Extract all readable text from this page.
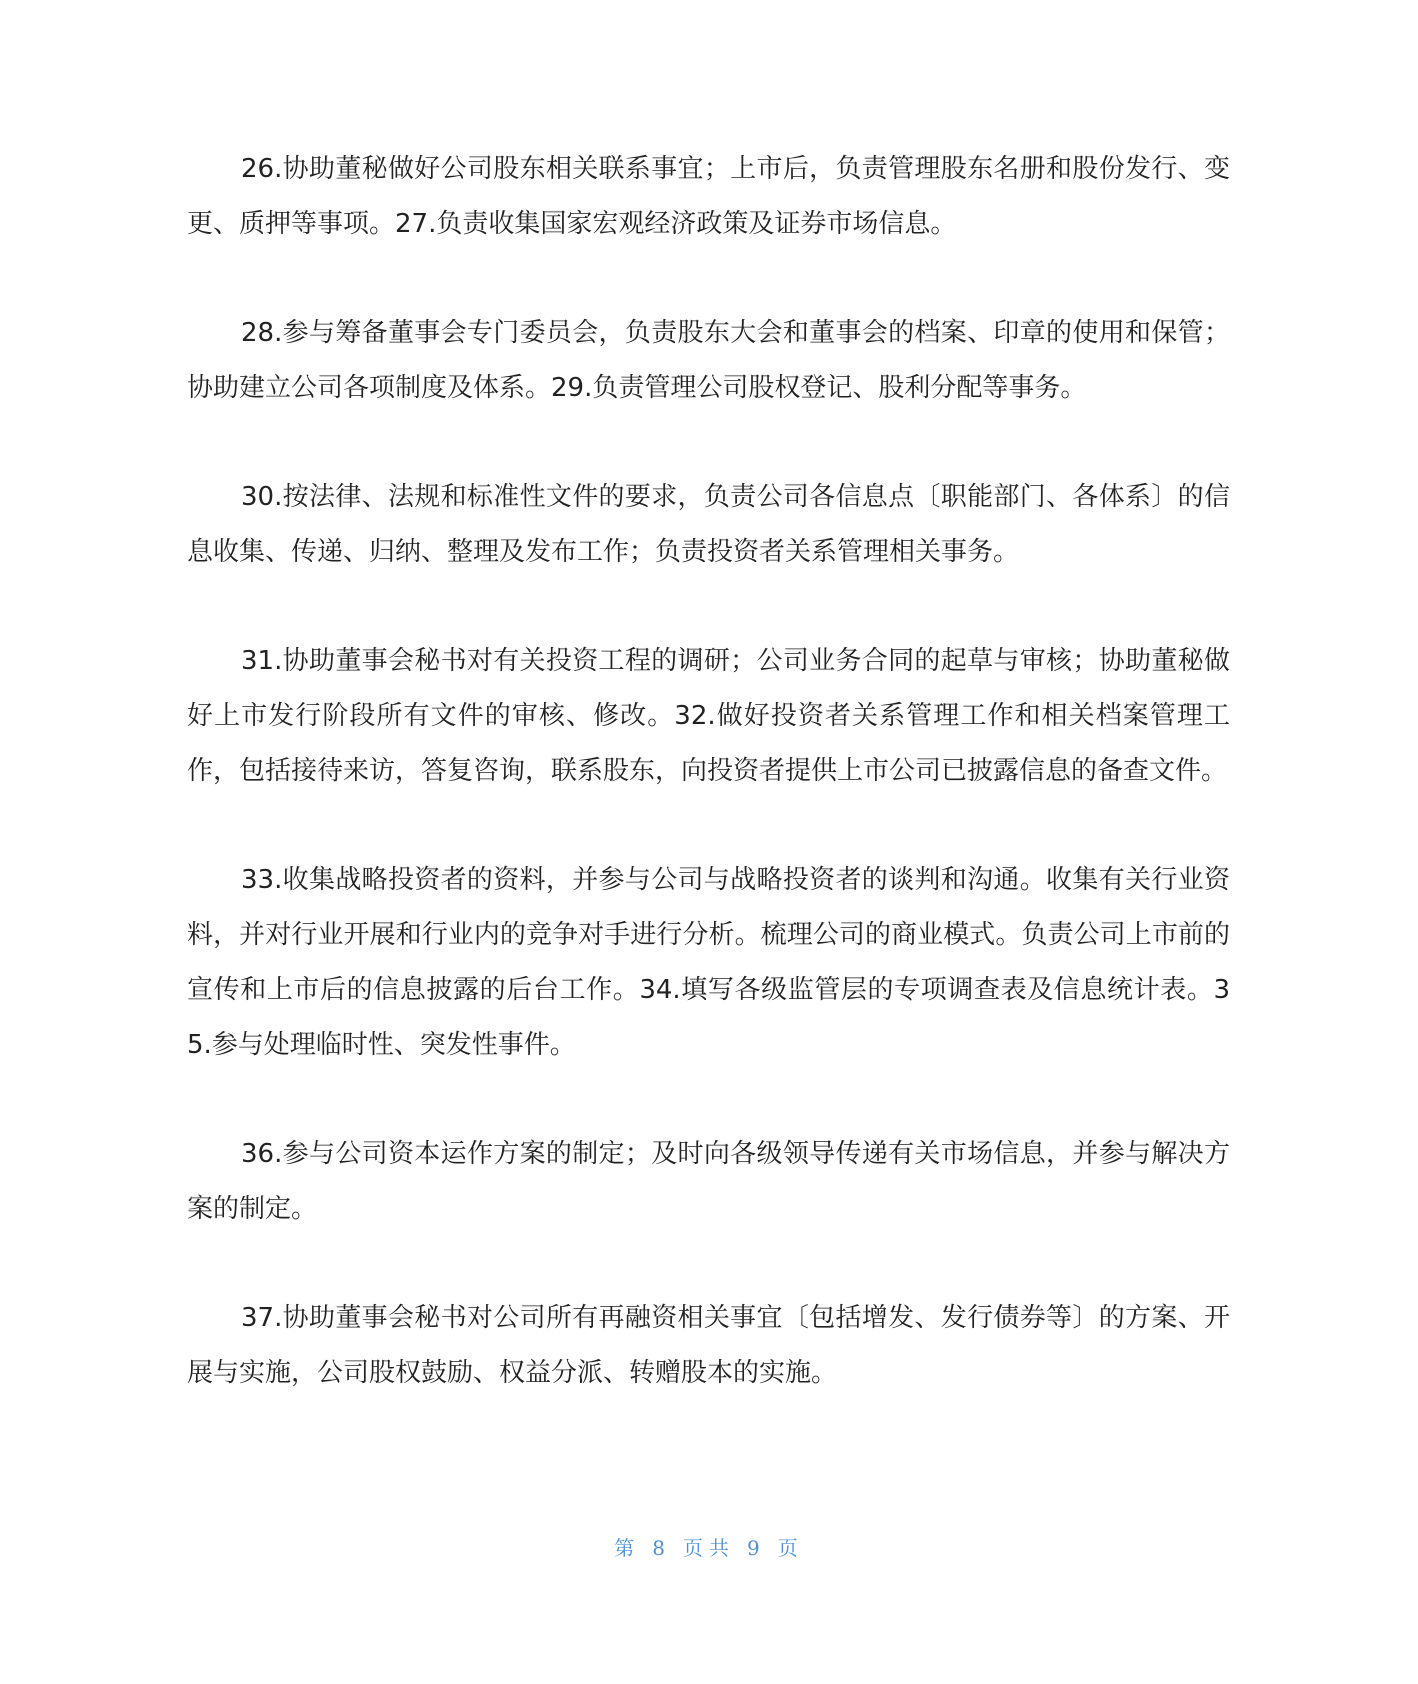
26.协助董秘做好公司股东相关联系事宜；上市后，负责管理股东名册和股份发行、变更、质押等事项。27.负责收集国家宏观经济政策及证券市场信息。

28.参与筹备董事会专门委员会，负责股东大会和董事会的档案、印章的使用和保管；协助建立公司各项制度及体系。29.负责管理公司股权登记、股利分配等事务。

30.按法律、法规和标准性文件的要求，负责公司各信息点〔职能部门、各体系〕的信息收集、传递、归纳、整理及发布工作；负责投资者关系管理相关事务。

31.协助董事会秘书对有关投资工程的调研；公司业务合同的起草与审核；协助董秘做好上市发行阶段所有文件的审核、修改。32.做好投资者关系管理工作和相关档案管理工作，包括接待来访，答复咨询，联系股东，向投资者提供上市公司已披露信息的备查文件。

33.收集战略投资者的资料，并参与公司与战略投资者的谈判和沟通。收集有关行业资料，并对行业开展和行业内的竞争对手进行分析。梳理公司的商业模式。负责公司上市前的宣传和上市后的信息披露的后台工作。34.填写各级监管层的专项调查表及信息统计表。35.参与处理临时性、突发性事件。

36.参与公司资本运作方案的制定；及时向各级领导传递有关市场信息，并参与解决方案的制定。

37.协助董事会秘书对公司所有再融资相关事宜〔包括增发、发行债券等〕的方案、开展与实施，公司股权鼓励、权益分派、转赠股本的实施。

第 8 页共 9 页
